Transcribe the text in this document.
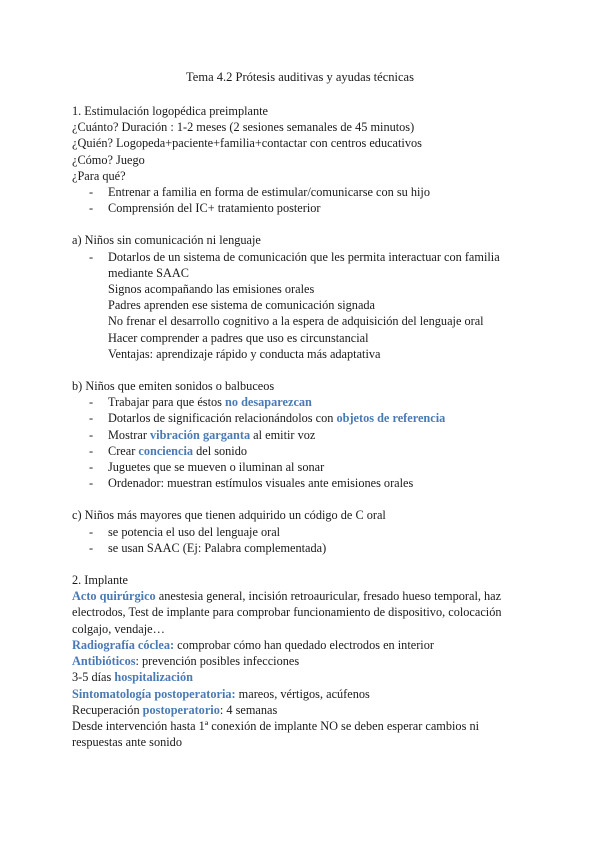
Tema 4.2 Prótesis auditivas y ayudas técnicas

1. Estimulación logopédica preimplante

¿Cuánto? Duración : 1-2 meses (2 sesiones semanales de 45 minutos)

¿Quién? Logopeda+paciente+familia+contactar con centros educativos

¿Cómo? Juego

¿Para qué?

- Entrenar a familia en forma de estimular/comunicarse con su hijo
- Comprensión del IC+ tratamiento posterior

a) Niños sin comunicación ni lenguaje

- Dotarlos de un sistema de comunicación que les permita interactuar con familia mediante SAAC

Signos acompañando las emisiones orales

Padres aprenden ese sistema de comunicación signada

No frenar el desarrollo cognitivo a la espera de adquisición del lenguaje oral

Hacer comprender a padres que uso es circunstancial

Ventajas: aprendizaje rápido y conducta más adaptativa

b) Niños que emiten sonidos o balbuceos

- Trabajar para que éstos no desaparezcan
- Dotarlos de significación relacionándolos con objetos de referencia
- Mostrar vibración garganta al emitir voz
- Crear conciencia del sonido
- Juguetes que se mueven o iluminan al sonar
- Ordenador: muestran estímulos visuales ante emisiones orales

c) Niños más mayores que tienen adquirido un código de C oral

- se potencia el uso del lenguaje oral
- se usan SAAC (Ej: Palabra complementada)

2. Implante

Acto quirúrgico anestesia general, incisión retroauricular, fresado hueso temporal, haz electrodos, Test de implante para comprobar funcionamiento de dispositivo, colocación colgajo, vendaje…

Radiografía cóclea: comprobar cómo han quedado electrodos en interior

Antibióticos: prevención posibles infecciones

3-5 días hospitalización

Sintomatología postoperatoria: mareos, vértigos, acúfenos

Recuperación postoperatorio: 4 semanas

Desde intervención hasta 1ª conexión de implante NO se deben esperar cambios ni respuestas ante sonido
